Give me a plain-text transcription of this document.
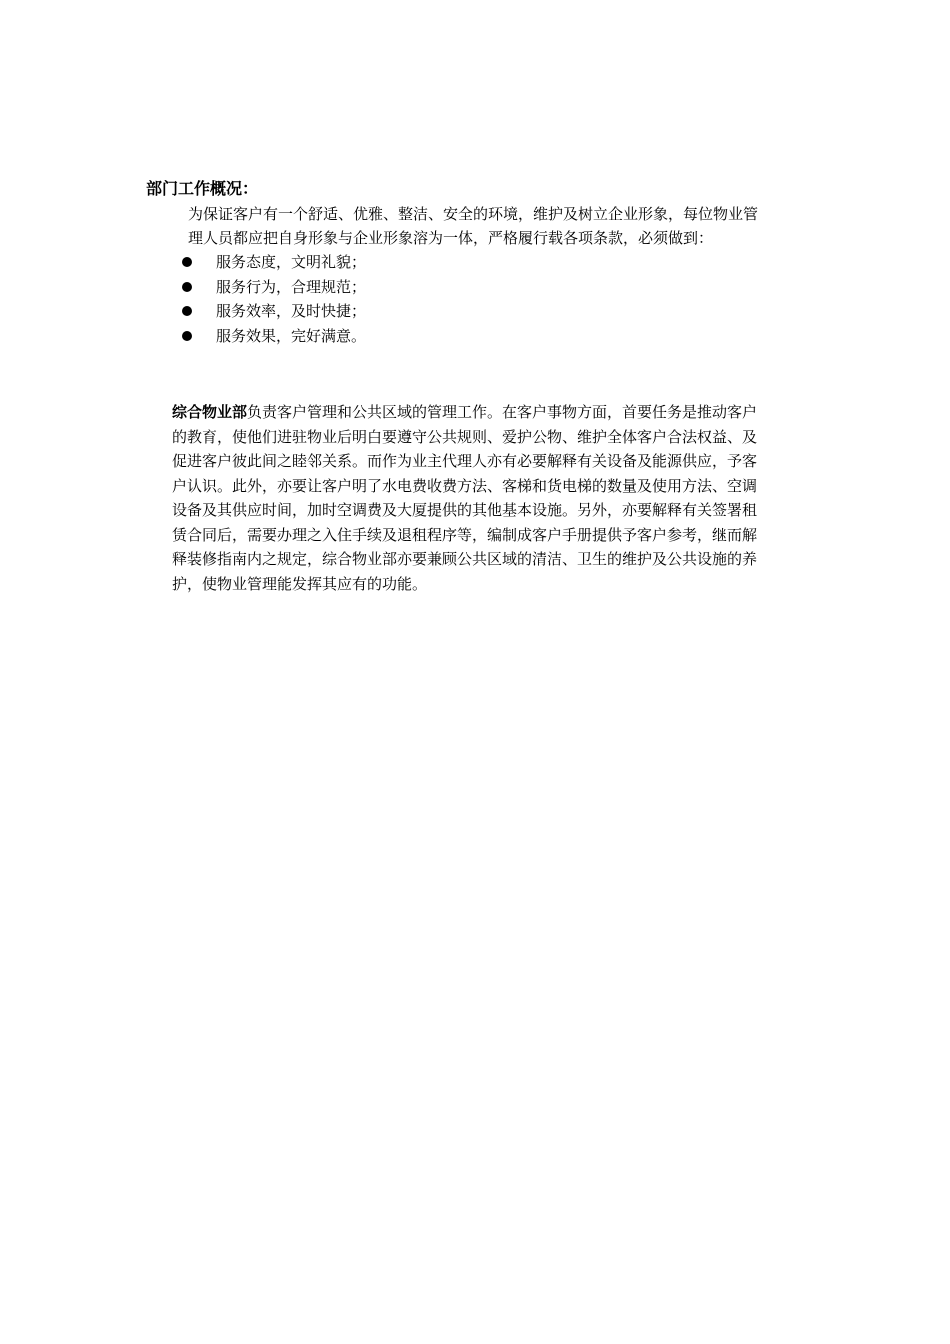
部门工作概况：

为保证客户有一个舒适、优雅、整洁、安全的环境，维护及树立企业形象，每位物业管
理人员都应把自身形象与企业形象溶为一体，严格履行载各项条款，必须做到：

服务态度，文明礼貌；
服务行为，合理规范；
服务效率，及时快捷；
服务效果，完好满意。

综合物业部负责客户管理和公共区域的管理工作。在客户事物方面，首要任务是推动客户
的教育，使他们进驻物业后明白要遵守公共规则、爱护公物、维护全体客户合法权益、及
促进客户彼此间之睦邻关系。而作为业主代理人亦有必要解释有关设备及能源供应，予客
户认识。此外，亦要让客户明了水电费收费方法、客梯和货电梯的数量及使用方法、空调
设备及其供应时间，加时空调费及大厦提供的其他基本设施。另外，亦要解释有关签署租
赁合同后，需要办理之入住手续及退租程序等，编制成客户手册提供予客户参考，继而解
释装修指南内之规定，综合物业部亦要兼顾公共区域的清洁、卫生的维护及公共设施的养
护，使物业管理能发挥其应有的功能。
